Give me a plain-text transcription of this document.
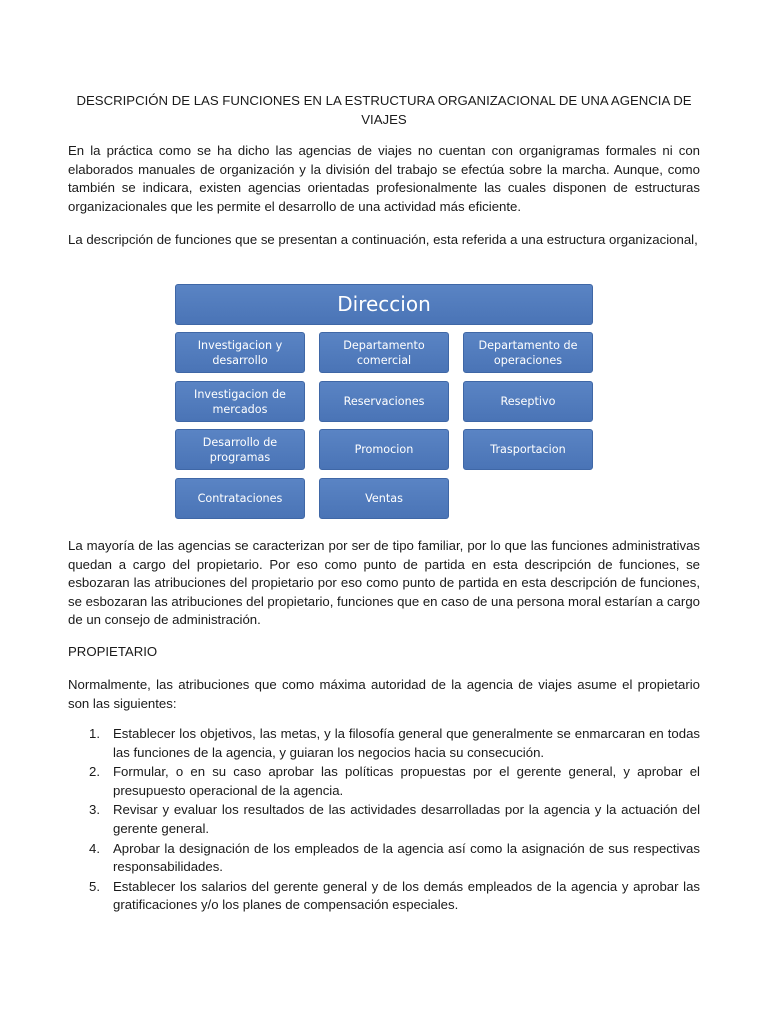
DESCRIPCIÓN DE LAS FUNCIONES EN LA ESTRUCTURA ORGANIZACIONAL DE UNA AGENCIA DE VIAJES
En la práctica como se ha dicho las agencias de viajes no cuentan con organigramas formales ni con elaborados manuales de organización y la división del trabajo se efectúa sobre la marcha. Aunque, como también se indicara, existen agencias orientadas profesionalmente las cuales disponen de estructuras organizacionales que les permite el desarrollo de una actividad más eficiente.
La descripción de funciones que se presentan a continuación, esta referida a una estructura organizacional,
Direccion
Investigacion y desarrollo
Investigacion de mercados
Desarrollo de programas
Contrataciones
Departamento comercial
Reservaciones
Promocion
Ventas
Departamento de operaciones
Reseptivo
Trasportacion
La mayoría de las agencias se caracterizan por ser de tipo familiar, por lo que las funciones administrativas quedan a cargo del propietario. Por eso como punto de partida en esta descripción de funciones, se esbozaran las atribuciones del propietario por eso como punto de partida en esta descripción de funciones, se esbozaran las atribuciones del propietario, funciones que en caso de una persona moral estarían a cargo de un consejo de administración.
PROPIETARIO
Normalmente, las atribuciones que como máxima autoridad de la agencia de viajes asume el propietario son las siguientes:
1. Establecer los objetivos, las metas, y la filosofía general que generalmente se enmarcaran en todas las funciones de la agencia, y guiaran los negocios hacia su consecución.
2. Formular, o en su caso aprobar las políticas propuestas por el gerente general, y aprobar el presupuesto operacional de la agencia.
3. Revisar y evaluar los resultados de las actividades desarrolladas por la agencia y la actuación del gerente general.
4. Aprobar la designación de los empleados de la agencia así como la asignación de sus respectivas responsabilidades.
5. Establecer los salarios del gerente general y de los demás empleados de la agencia y aprobar las gratificaciones y/o los planes de compensación especiales.
